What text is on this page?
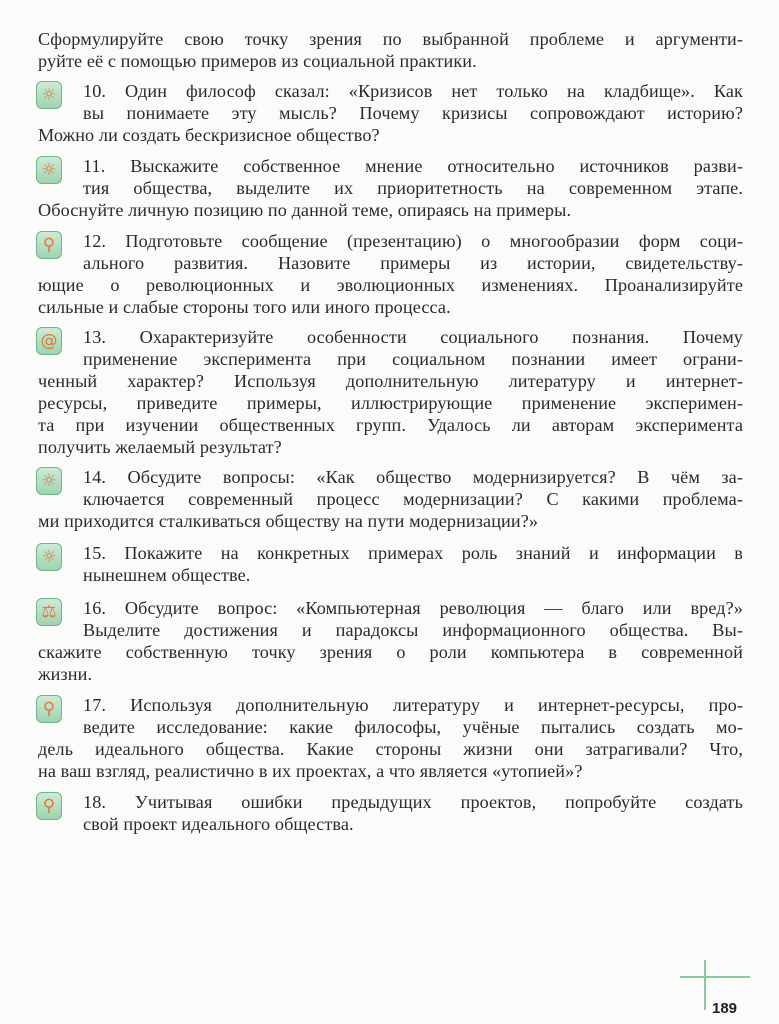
Сформулируйте свою точку зрения по выбранной проблеме и аргументи-
руйте её с помощью примеров из социальной практики.
☼ 10. Один философ сказал: «Кризисов нет только на кладбище». Как
вы понимаете эту мысль? Почему кризисы сопровождают историю?
Можно ли создать бескризисное общество?
☼ 11. Выскажите собственное мнение относительно источников разви-
тия общества, выделите их приоритетность на современном этапе.
Обоснуйте личную позицию по данной теме, опираясь на примеры.
⚲	12. Подготовьте сообщение (презентацию) о многообразии форм соци-
ального развития. Назовите примеры из истории, свидетельству-
ющие о революционных и эволюционных изменениях. Проанализируйте
сильные и слабые стороны того или иного процесса.
@ 13. Охарактеризуйте особенности социального познания. Почему
применение эксперимента при социальном познании имеет ограни-
ченный характер? Используя дополнительную литературу и интернет-
ресурсы, приведите примеры, иллюстрирующие применение эксперимен-
та при изучении общественных групп. Удалось ли авторам эксперимента
получить желаемый результат?
☼ 14. Обсудите вопросы: «Как общество модернизируется? В чём за-
ключается современный процесс модернизации? С какими проблема-
ми приходится сталкиваться обществу на пути модернизации?»
☼ 15. Покажите на конкретных примерах роль знаний и информации в
нынешнем обществе.
⚖ 16. Обсудите вопрос: «Компьютерная революция — благо или вред?»
Выделите достижения и парадоксы информационного общества. Вы-
скажите собственную точку зрения о роли компьютера в современной
жизни.
⚲	17. Используя дополнительную литературу и интернет-ресурсы, про-
ведите исследование: какие философы, учёные пытались создать мо-
дель идеального общества. Какие стороны жизни они затрагивали? Что,
на ваш взгляд, реалистично в их проектах, а что является «утопией»?
⚲	18. Учитывая ошибки предыдущих проектов, попробуйте создать
свой проект идеального общества.
189
